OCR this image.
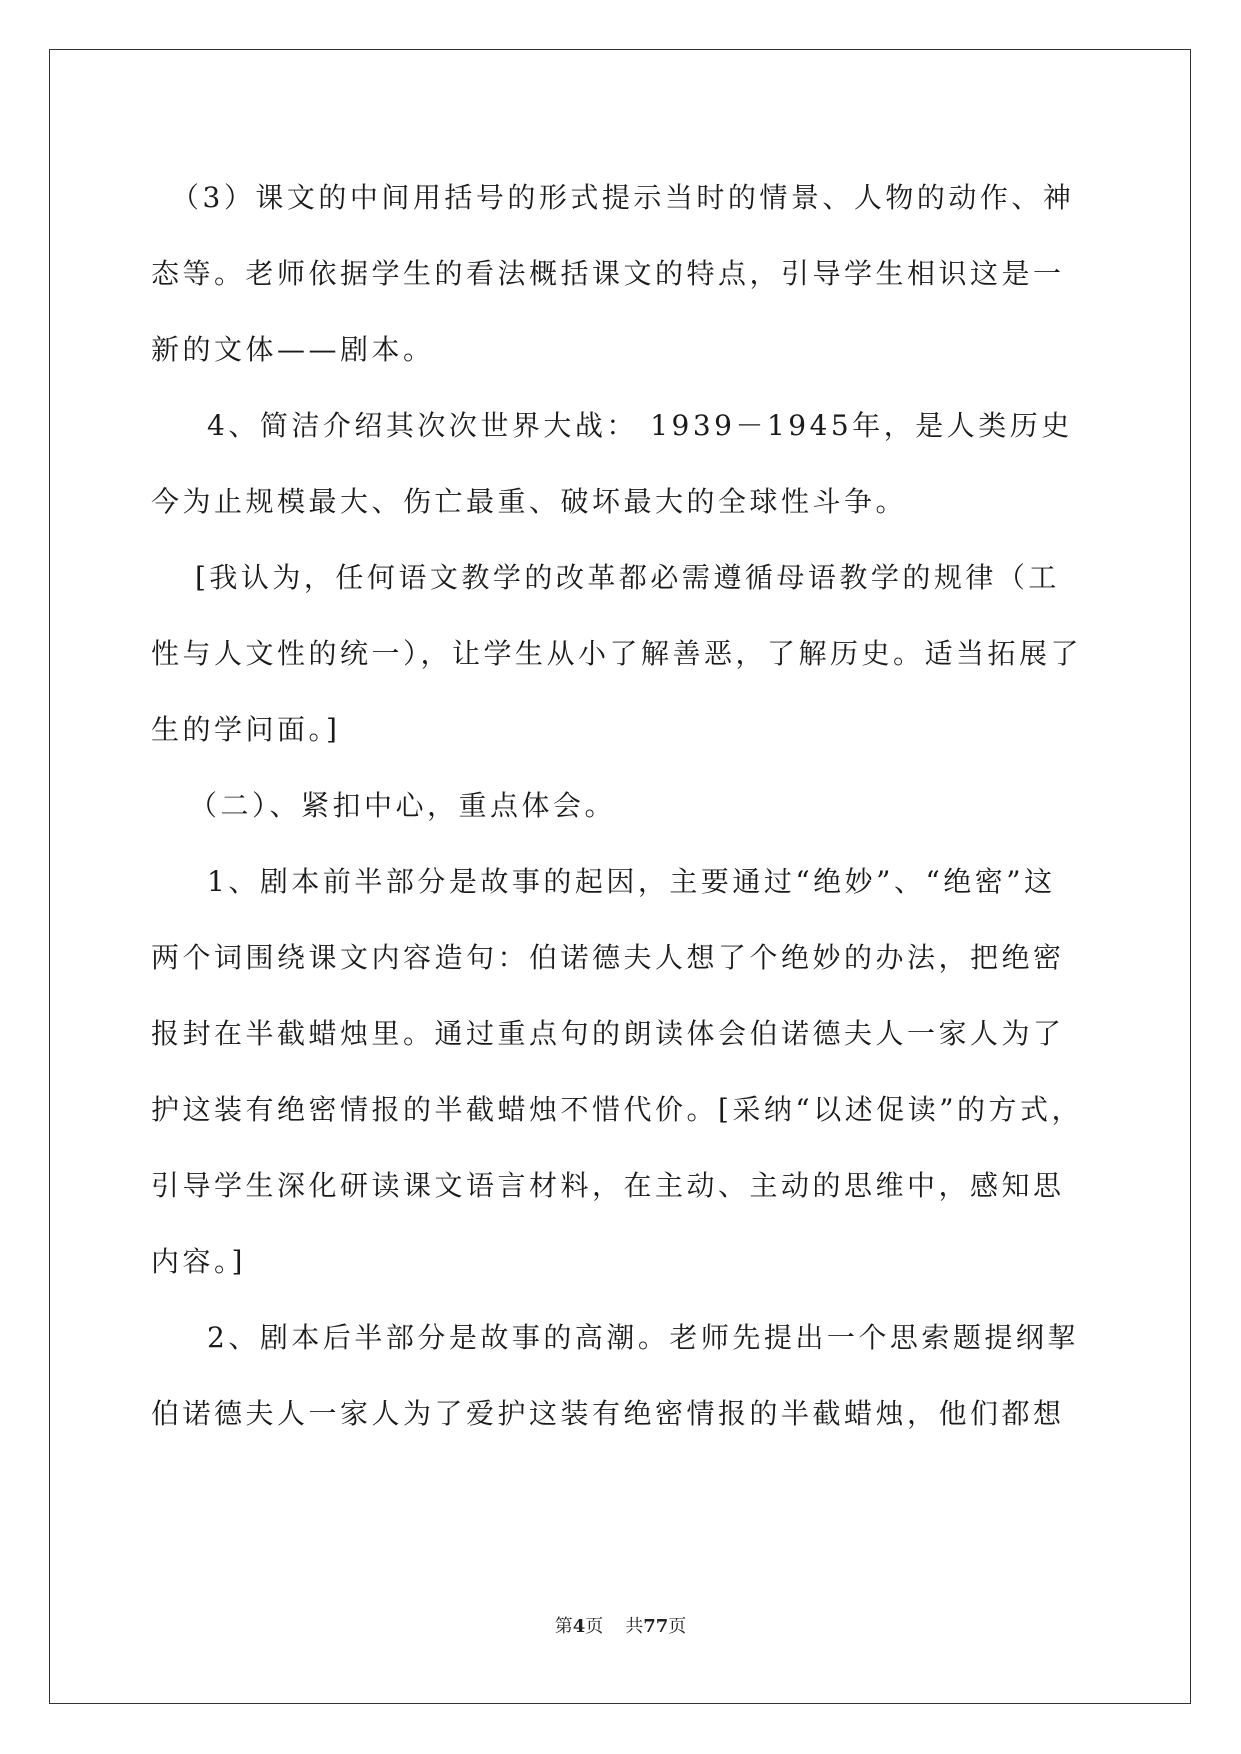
（3）课文的中间用括号的形式提示当时的情景、人物的动作、神
态等。老师依据学生的看法概括课文的特点，引导学生相识这是一
新的文体——剧本。
4、简洁介绍其次次世界大战： 1939－1945年，是人类历史
今为止规模最大、伤亡最重、破坏最大的全球性斗争。
[我认为，任何语文教学的改革都必需遵循母语教学的规律（工
性与人文性的统一），让学生从小了解善恶，了解历史。适当拓展了
生的学问面。]
（二）、紧扣中心，重点体会。
1、剧本前半部分是故事的起因，主要通过“绝妙”、“绝密”这
两个词围绕课文内容造句：伯诺德夫人想了个绝妙的办法，把绝密
报封在半截蜡烛里。通过重点句的朗读体会伯诺德夫人一家人为了
护这装有绝密情报的半截蜡烛不惜代价。[采纳“以述促读”的方式，
引导学生深化研读课文语言材料，在主动、主动的思维中，感知思
内容。]
2、剧本后半部分是故事的高潮。老师先提出一个思索题提纲挈
伯诺德夫人一家人为了爱护这装有绝密情报的半截蜡烛，他们都想
第4页 共77页
